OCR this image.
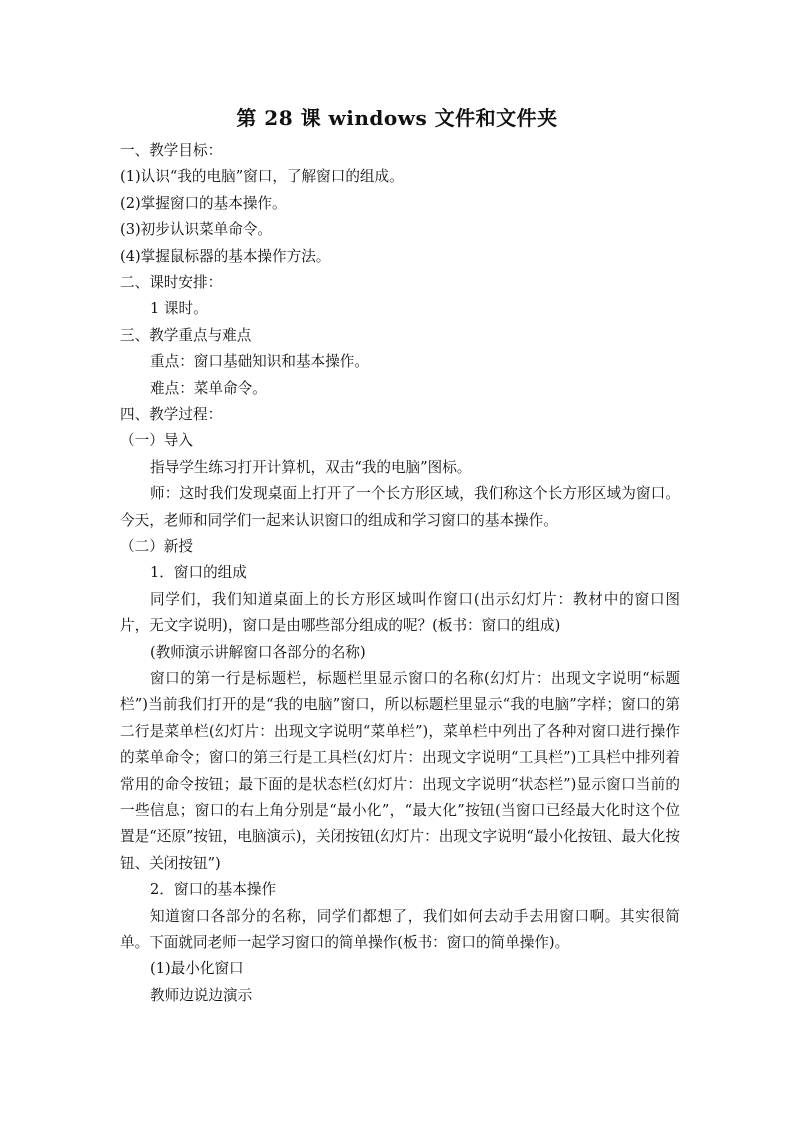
第 28 课 windows 文件和文件夹
一、教学目标：
(1)认识“我的电脑”窗口，了解窗口的组成。
(2)掌握窗口的基本操作。
(3)初步认识菜单命令。
(4)掌握鼠标器的基本操作方法。
二、课时安排：
1 课时。
三、教学重点与难点
重点：窗口基础知识和基本操作。
难点：菜单命令。
四、教学过程：
（一）导入
指导学生练习打开计算机，双击“我的电脑”图标。
师：这时我们发现桌面上打开了一个长方形区域，我们称这个长方形区域为窗口。今天，老师和同学们一起来认识窗口的组成和学习窗口的基本操作。
（二）新授
1．窗口的组成
同学们，我们知道桌面上的长方形区域叫作窗口(出示幻灯片：教材中的窗口图片，无文字说明)，窗口是由哪些部分组成的呢？(板书：窗口的组成)
(教师演示讲解窗口各部分的名称)
窗口的第一行是标题栏，标题栏里显示窗口的名称(幻灯片：出现文字说明“标题栏”)当前我们打开的是“我的电脑”窗口，所以标题栏里显示“我的电脑”字样；窗口的第二行是菜单栏(幻灯片：出现文字说明“菜单栏”)，菜单栏中列出了各种对窗口进行操作的菜单命令；窗口的第三行是工具栏(幻灯片：出现文字说明“工具栏”)工具栏中排列着常用的命令按钮；最下面的是状态栏(幻灯片：出现文字说明“状态栏”)显示窗口当前的一些信息；窗口的右上角分别是“最小化”，“最大化”按钮(当窗口已经最大化时这个位置是“还原”按钮，电脑演示)，关闭按钮(幻灯片：出现文字说明“最小化按钮、最大化按钮、关闭按钮”)
2．窗口的基本操作
知道窗口各部分的名称，同学们都想了，我们如何去动手去用窗口啊。其实很简单。下面就同老师一起学习窗口的简单操作(板书：窗口的简单操作)。
(1)最小化窗口
教师边说边演示
